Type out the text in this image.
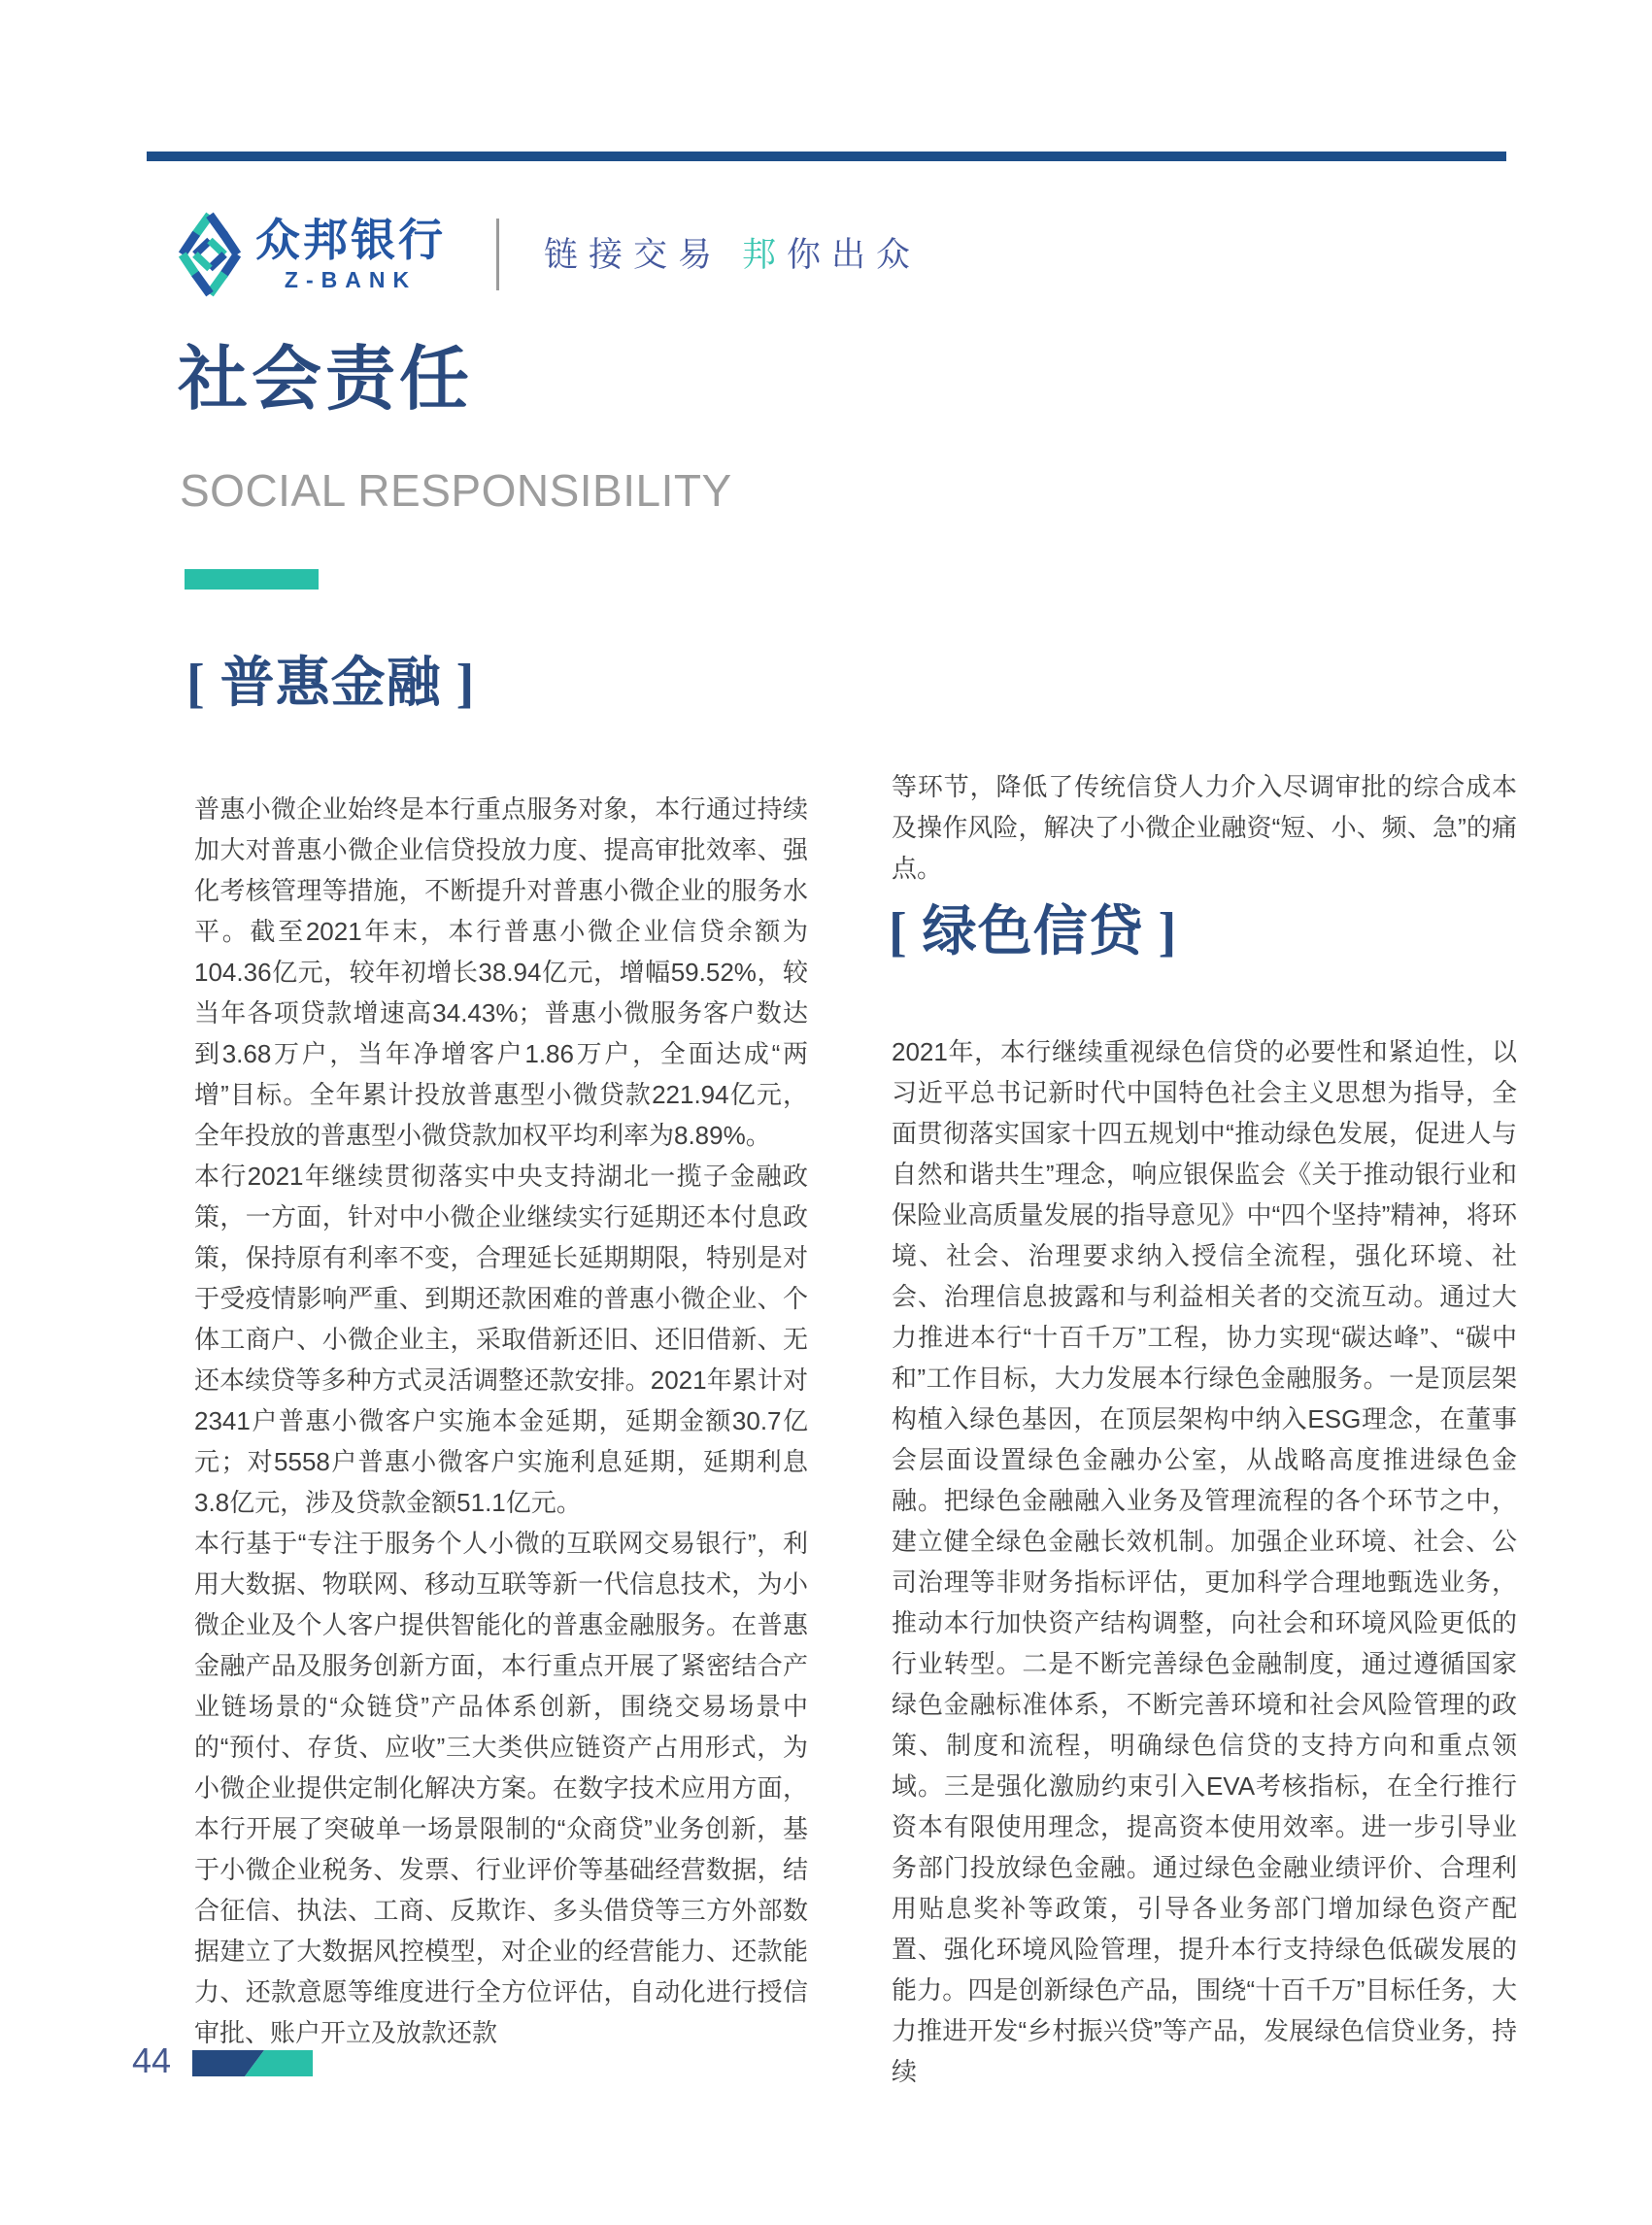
众邦银行
Z-BANK
链接交易 邦你出众
社会责任
SOCIAL RESPONSIBILITY
[ 普惠金融 ]

普惠小微企业始终是本行重点服务对象，本行通过持续加大对普惠小微企业信贷投放力度、提高审批效率、强化考核管理等措施，不断提升对普惠小微企业的服务水平。截至2021年末，本行普惠小微企业信贷余额为104.36亿元，较年初增长38.94亿元，增幅59.52%，较当年各项贷款增速高34.43%；普惠小微服务客户数达到3.68万户，当年净增客户1.86万户，全面达成“两增”目标。全年累计投放普惠型小微贷款221.94亿元，全年投放的普惠型小微贷款加权平均利率为8.89%。

本行2021年继续贯彻落实中央支持湖北一揽子金融政策，一方面，针对中小微企业继续实行延期还本付息政策，保持原有利率不变，合理延长延期期限，特别是对于受疫情影响严重、到期还款困难的普惠小微企业、个体工商户、小微企业主，采取借新还旧、还旧借新、无还本续贷等多种方式灵活调整还款安排。2021年累计对2341户普惠小微客户实施本金延期，延期金额30.7亿元；对5558户普惠小微客户实施利息延期，延期利息3.8亿元，涉及贷款金额51.1亿元。

本行基于“专注于服务个人小微的互联网交易银行”，利用大数据、物联网、移动互联等新一代信息技术，为小微企业及个人客户提供智能化的普惠金融服务。在普惠金融产品及服务创新方面，本行重点开展了紧密结合产业链场景的“众链贷”产品体系创新，围绕交易场景中的“预付、存货、应收”三大类供应链资产占用形式，为小微企业提供定制化解决方案。在数字技术应用方面，本行开展了突破单一场景限制的“众商贷”业务创新，基于小微企业税务、发票、行业评价等基础经营数据，结合征信、执法、工商、反欺诈、多头借贷等三方外部数据建立了大数据风控模型，对企业的经营能力、还款能力、还款意愿等维度进行全方位评估，自动化进行授信审批、账户开立及放款还款

等环节，降低了传统信贷人力介入尽调审批的综合成本及操作风险，解决了小微企业融资“短、小、频、急”的痛点。

[ 绿色信贷 ]

2021年，本行继续重视绿色信贷的必要性和紧迫性，以习近平总书记新时代中国特色社会主义思想为指导，全面贯彻落实国家十四五规划中“推动绿色发展，促进人与自然和谐共生”理念，响应银保监会《关于推动银行业和保险业高质量发展的指导意见》中“四个坚持”精神，将环境、社会、治理要求纳入授信全流程，强化环境、社会、治理信息披露和与利益相关者的交流互动。通过大力推进本行“十百千万”工程，协力实现“碳达峰”、“碳中和”工作目标，大力发展本行绿色金融服务。一是顶层架构植入绿色基因，在顶层架构中纳入ESG理念，在董事会层面设置绿色金融办公室，从战略高度推进绿色金融。把绿色金融融入业务及管理流程的各个环节之中，建立健全绿色金融长效机制。加强企业环境、社会、公司治理等非财务指标评估，更加科学合理地甄选业务，推动本行加快资产结构调整，向社会和环境风险更低的行业转型。二是不断完善绿色金融制度，通过遵循国家绿色金融标准体系，不断完善环境和社会风险管理的政策、制度和流程，明确绿色信贷的支持方向和重点领域。三是强化激励约束引入EVA考核指标，在全行推行资本有限使用理念，提高资本使用效率。进一步引导业务部门投放绿色金融。通过绿色金融业绩评价、合理利用贴息奖补等政策，引导各业务部门增加绿色资产配置、强化环境风险管理，提升本行支持绿色低碳发展的能力。四是创新绿色产品，围绕“十百千万”目标任务，大力推进开发“乡村振兴贷”等产品，发展绿色信贷业务，持续

44
